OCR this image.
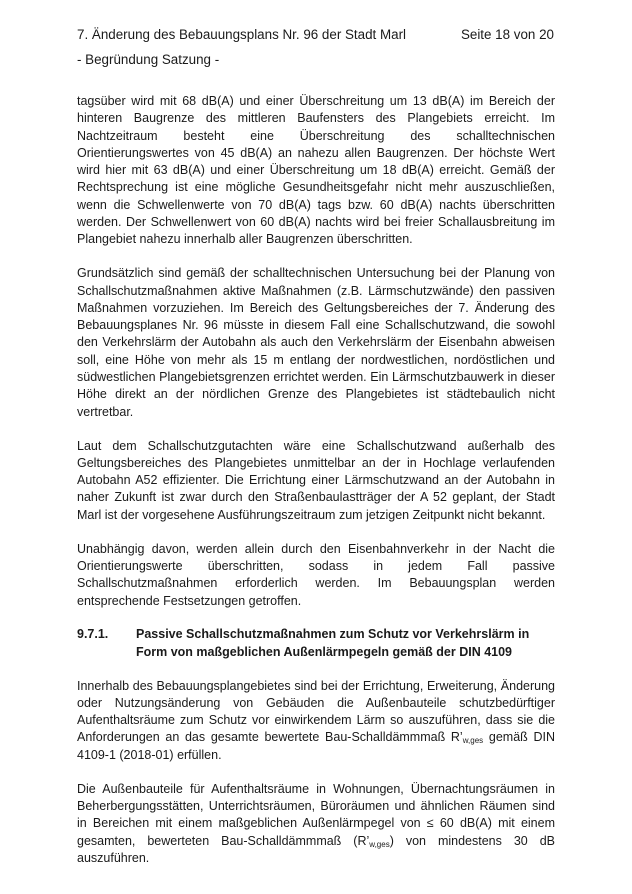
7. Änderung des Bebauungsplans Nr. 96 der Stadt Marl	Seite 18 von 20
- Begründung Satzung -

tagsüber wird mit 68 dB(A) und einer Überschreitung um 13 dB(A) im Bereich der hinteren Baugrenze des mittleren Baufensters des Plangebiets erreicht. Im Nachtzeitraum besteht eine Überschreitung des schalltechnischen Orientierungswertes von 45 dB(A) an nahezu allen Baugrenzen. Der höchste Wert wird hier mit 63 dB(A) und einer Überschreitung um 18 dB(A) erreicht. Gemäß der Rechtsprechung ist eine mögliche Gesundheitsgefahr nicht mehr auszuschließen, wenn die Schwellenwerte von 70 dB(A) tags bzw. 60 dB(A) nachts überschritten werden. Der Schwellenwert von 60 dB(A) nachts wird bei freier Schallausbreitung im Plangebiet nahezu innerhalb aller Baugrenzen überschritten.

Grundsätzlich sind gemäß der schalltechnischen Untersuchung bei der Planung von Schallschutzmaßnahmen aktive Maßnahmen (z.B. Lärmschutzwände) den passiven Maßnahmen vorzuziehen. Im Bereich des Geltungsbereiches der 7. Änderung des Bebauungsplanes Nr. 96 müsste in diesem Fall eine Schallschutzwand, die sowohl den Verkehrslärm der Autobahn als auch den Verkehrslärm der Eisenbahn abweisen soll, eine Höhe von mehr als 15 m entlang der nordwestlichen, nordöstlichen und südwestlichen Plangebietsgrenzen errichtet werden. Ein Lärmschutzbauwerk in dieser Höhe direkt an der nördlichen Grenze des Plangebietes ist städtebaulich nicht vertretbar.

Laut dem Schallschutzgutachten wäre eine Schallschutzwand außerhalb des Geltungsbereiches des Plangebietes unmittelbar an der in Hochlage verlaufenden Autobahn A52 effizienter. Die Errichtung einer Lärmschutzwand an der Autobahn in naher Zukunft ist zwar durch den Straßenbaulastträger der A 52 geplant, der Stadt Marl ist der vorgesehene Ausführungszeitraum zum jetzigen Zeitpunkt nicht bekannt.

Unabhängig davon, werden allein durch den Eisenbahnverkehr in der Nacht die Orientierungswerte überschritten, sodass in jedem Fall passive Schallschutzmaßnahmen erforderlich werden. Im Bebauungsplan werden entsprechende Festsetzungen getroffen.

9.7.1.	Passive Schallschutzmaßnahmen zum Schutz vor Verkehrslärm in Form von maßgeblichen Außenlärmpegeln gemäß der DIN 4109

Innerhalb des Bebauungsplangebietes sind bei der Errichtung, Erweiterung, Änderung oder Nutzungsänderung von Gebäuden die Außenbauteile schutzbedürftiger Aufenthaltsräume zum Schutz vor einwirkendem Lärm so auszuführen, dass sie die Anforderungen an das gesamte bewertete Bau-Schalldämmmaß $R’_{w,ges}$ gemäß DIN 4109-1 (2018-01) erfüllen.

Die Außenbauteile für Aufenthaltsräume in Wohnungen, Übernachtungsräumen in Beherbergungsstätten, Unterrichtsräumen, Büroräumen und ähnlichen Räumen sind in Bereichen mit einem maßgeblichen Außenlärmpegel von ≤ 60 dB(A) mit einem gesamten, bewerteten Bau-Schalldämmmaß $(R’_{w,ges})$ von mindestens 30 dB auszuführen.
